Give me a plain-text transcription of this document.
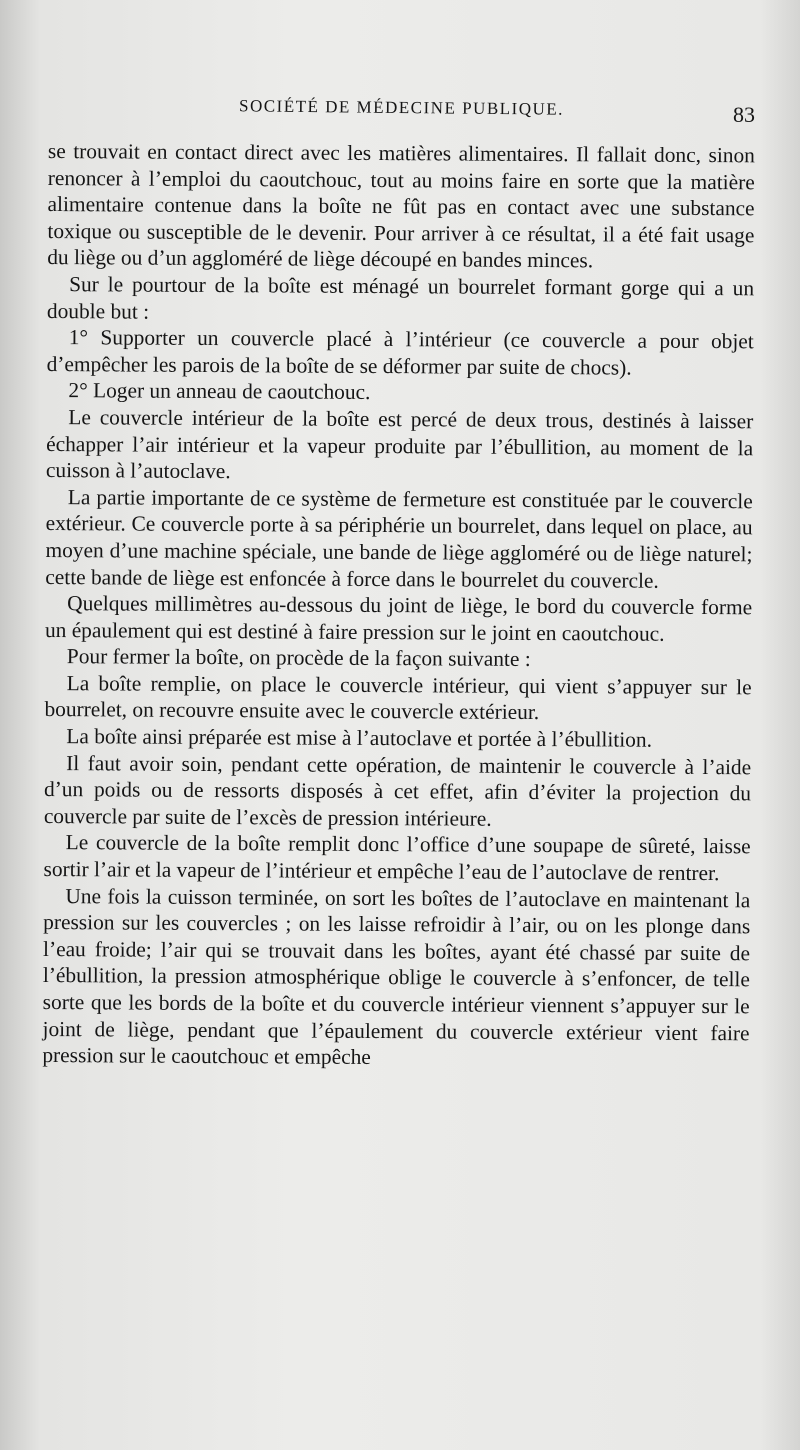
SOCIÉTÉ DE MÉDECINE PUBLIQUE.	83

se trouvait en contact direct avec les matières alimentaires. Il fallait donc, sinon renoncer à l’emploi du caoutchouc, tout au moins faire en sorte que la matière alimentaire contenue dans la boîte ne fût pas en contact avec une substance toxique ou susceptible de le devenir. Pour arriver à ce résultat, il a été fait usage du liège ou d’un aggloméré de liège découpé en bandes minces.

Sur le pourtour de la boîte est ménagé un bourrelet formant gorge qui a un double but :

1° Supporter un couvercle placé à l’intérieur (ce couvercle a pour objet d’empêcher les parois de la boîte de se déformer par suite de chocs).

2° Loger un anneau de caoutchouc.

Le couvercle intérieur de la boîte est percé de deux trous, destinés à laisser échapper l’air intérieur et la vapeur produite par l’ébullition, au moment de la cuisson à l’autoclave.

La partie importante de ce système de fermeture est constituée par le couvercle extérieur. Ce couvercle porte à sa périphérie un bourrelet, dans lequel on place, au moyen d’une machine spéciale, une bande de liège aggloméré ou de liège naturel; cette bande de liège est enfoncée à force dans le bourrelet du couvercle.

Quelques millimètres au-dessous du joint de liège, le bord du couvercle forme un épaulement qui est destiné à faire pression sur le joint en caoutchouc.

Pour fermer la boîte, on procède de la façon suivante :

La boîte remplie, on place le couvercle intérieur, qui vient s’appuyer sur le bourrelet, on recouvre ensuite avec le couvercle extérieur.

La boîte ainsi préparée est mise à l’autoclave et portée à l’ébullition.

Il faut avoir soin, pendant cette opération, de maintenir le couvercle à l’aide d’un poids ou de ressorts disposés à cet effet, afin d’éviter la projection du couvercle par suite de l’excès de pression intérieure.

Le couvercle de la boîte remplit donc l’office d’une soupape de sûreté, laisse sortir l’air et la vapeur de l’intérieur et empêche l’eau de l’autoclave de rentrer.

Une fois la cuisson terminée, on sort les boîtes de l’autoclave en maintenant la pression sur les couvercles ; on les laisse refroidir à l’air, ou on les plonge dans l’eau froide; l’air qui se trouvait dans les boîtes, ayant été chassé par suite de l’ébullition, la pression atmosphérique oblige le couvercle à s’enfoncer, de telle sorte que les bords de la boîte et du couvercle intérieur viennent s’appuyer sur le joint de liège, pendant que l’épaulement du couvercle extérieur vient faire pression sur le caoutchouc et empêche
